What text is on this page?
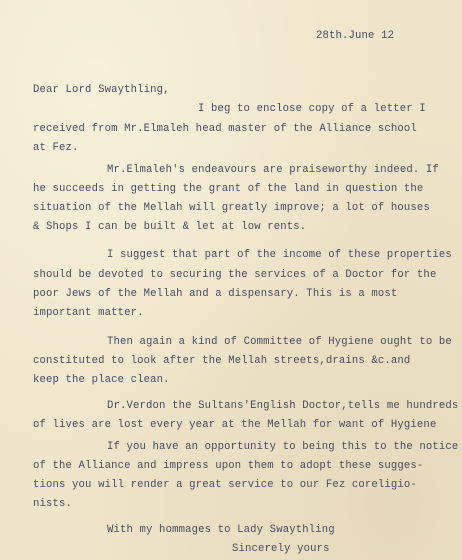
28th.June 12
Dear Lord Swaythling,
I beg to enclose copy of a letter I
received from Mr.Elmaleh head master of the Alliance school
at Fez.
Mr.Elmaleh's endeavours are praiseworthy indeed. If
he succeeds in getting the grant of the land in question the
situation of the Mellah will greatly improve; a lot of houses
& Shops I can be built & let at low rents.
I suggest that part of the income of these properties
should be devoted to securing the services of a Doctor for the
poor Jews of the Mellah and a dispensary. This is a most
important matter.
Then again a kind of Committee of Hygiene ought to be
constituted to look after the Mellah streets,drains &c.and
keep the place clean.
Dr.Verdon the Sultans'English Doctor,tells me hundreds
of lives are lost every year at the Mellah for want of Hygiene
If you have an opportunity to being this to the notice
of the Alliance and impress upon them to adopt these sugges-
tions you will render a great service to our Fez coreligio-
nists.
With my hommages to Lady Swaythling
Sincerely yours
